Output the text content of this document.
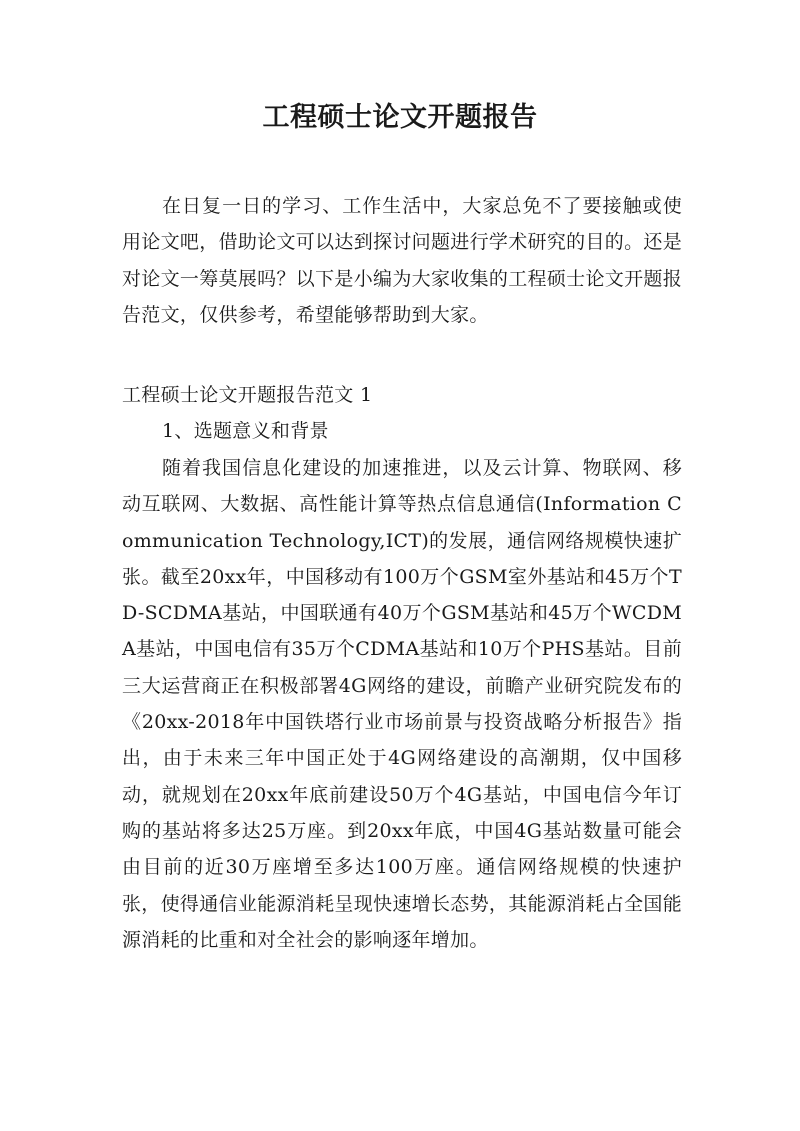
工程硕士论文开题报告

在日复一日的学习、工作生活中，大家总免不了要接触或使用论文吧，借助论文可以达到探讨问题进行学术研究的目的。还是对论文一筹莫展吗？以下是小编为大家收集的工程硕士论文开题报告范文，仅供参考，希望能够帮助到大家。

工程硕士论文开题报告范文 1

1、选题意义和背景

随着我国信息化建设的加速推进，以及云计算、物联网、移动互联网、大数据、高性能计算等热点信息通信(Information Communication Technology,ICT)的发展，通信网络规模快速扩张。截至20xx年，中国移动有100万个GSM室外基站和45万个TD-SCDMA基站，中国联通有40万个GSM基站和45万个WCDMA基站，中国电信有35万个CDMA基站和10万个PHS基站。目前三大运营商正在积极部署4G网络的建设，前瞻产业研究院发布的《20xx-2018年中国铁塔行业市场前景与投资战略分析报告》指出，由于未来三年中国正处于4G网络建设的高潮期，仅中国移动，就规划在20xx年底前建设50万个4G基站，中国电信今年订购的基站将多达25万座。到20xx年底，中国4G基站数量可能会由目前的近30万座增至多达100万座。通信网络规模的快速护张，使得通信业能源消耗呈现快速增长态势，其能源消耗占全国能源消耗的比重和对全社会的影响逐年增加。
